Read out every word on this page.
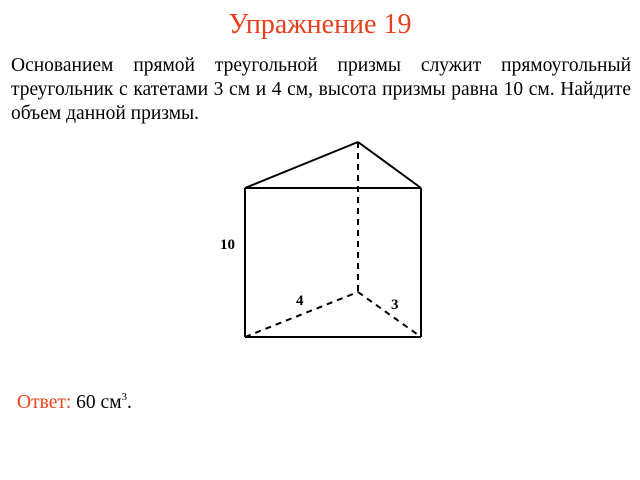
Упражнение 19
Основанием прямой треугольной призмы служит прямоугольный треугольник с катетами 3 см и 4 см, высота призмы равна 10 см. Найдите объем данной призмы.
10
4	3
Ответ: 60 $см^3$.
